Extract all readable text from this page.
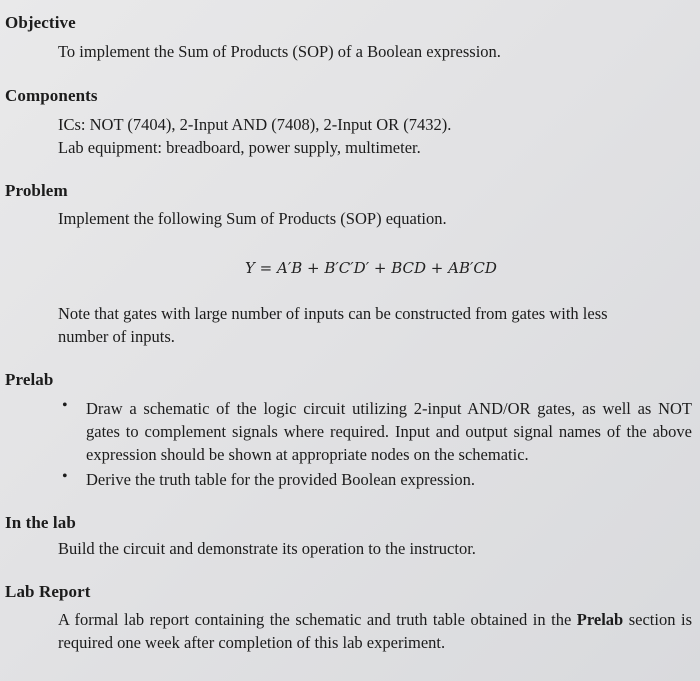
Objective
To implement the Sum of Products (SOP) of a Boolean expression.
Components
ICs: NOT (7404), 2-Input AND (7408), 2-Input OR (7432).
Lab equipment: breadboard, power supply, multimeter.
Problem
Implement the following Sum of Products (SOP) equation.
Y = A′B + B′C′D′ + BCD + AB′CD
Note that gates with large number of inputs can be constructed from gates with less number of inputs.
Prelab
• Draw a schematic of the logic circuit utilizing 2-input AND/OR gates, as well as NOT gates to complement signals where required. Input and output signal names of the above expression should be shown at appropriate nodes on the schematic.
• Derive the truth table for the provided Boolean expression.
In the lab
Build the circuit and demonstrate its operation to the instructor.
Lab Report
A formal lab report containing the schematic and truth table obtained in the Prelab section is required one week after completion of this lab experiment.
